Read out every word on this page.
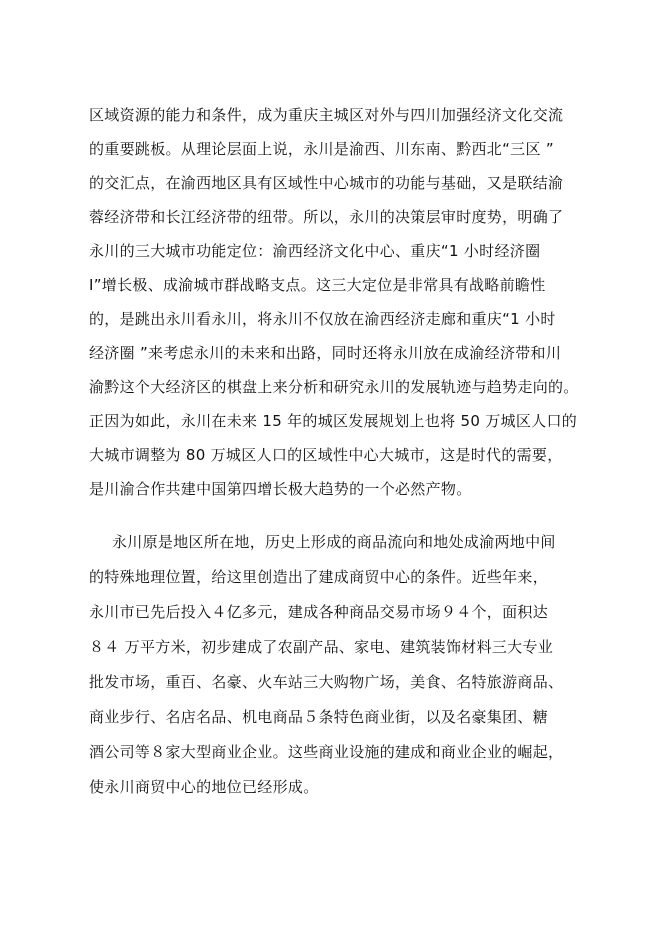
区域资源的能力和条件，成为重庆主城区对外与四川加强经济文化交流
的重要跳板。从理论层面上说，永川是渝西、川东南、黔西北“三区 ”
的交汇点，在渝西地区具有区域性中心城市的功能与基础，又是联结渝
蓉经济带和长江经济带的纽带。所以，永川的决策层审时度势，明确了
永川的三大城市功能定位：渝西经济文化中心、重庆“1 小时经济圈
Ⅰ”增长极、成渝城市群战略支点。这三大定位是非常具有战略前瞻性
的，是跳出永川看永川，将永川不仅放在渝西经济走廊和重庆“1 小时
经济圈 ”来考虑永川的未来和出路，同时还将永川放在成渝经济带和川
渝黔这个大经济区的棋盘上来分析和研究永川的发展轨迹与趋势走向的。
正因为如此，永川在未来 15 年的城区发展规划上也将 50 万城区人口的
大城市调整为 80 万城区人口的区域性中心大城市，这是时代的需要，
是川渝合作共建中国第四增长极大趋势的一个必然产物。
永川原是地区所在地，历史上形成的商品流向和地处成渝两地中间
的特殊地理位置，给这里创造出了建成商贸中心的条件。近些年来，
永川市已先后投入４亿多元，建成各种商品交易市场９４个，面积达
８４ 万平方米，初步建成了农副产品、家电、建筑装饰材料三大专业
批发市场，重百、名豪、火车站三大购物广场，美食、名特旅游商品、
商业步行、名店名品、机电商品５条特色商业街，以及名豪集团、糖
酒公司等８家大型商业企业。这些商业设施的建成和商业企业的崛起，
使永川商贸中心的地位已经形成。
